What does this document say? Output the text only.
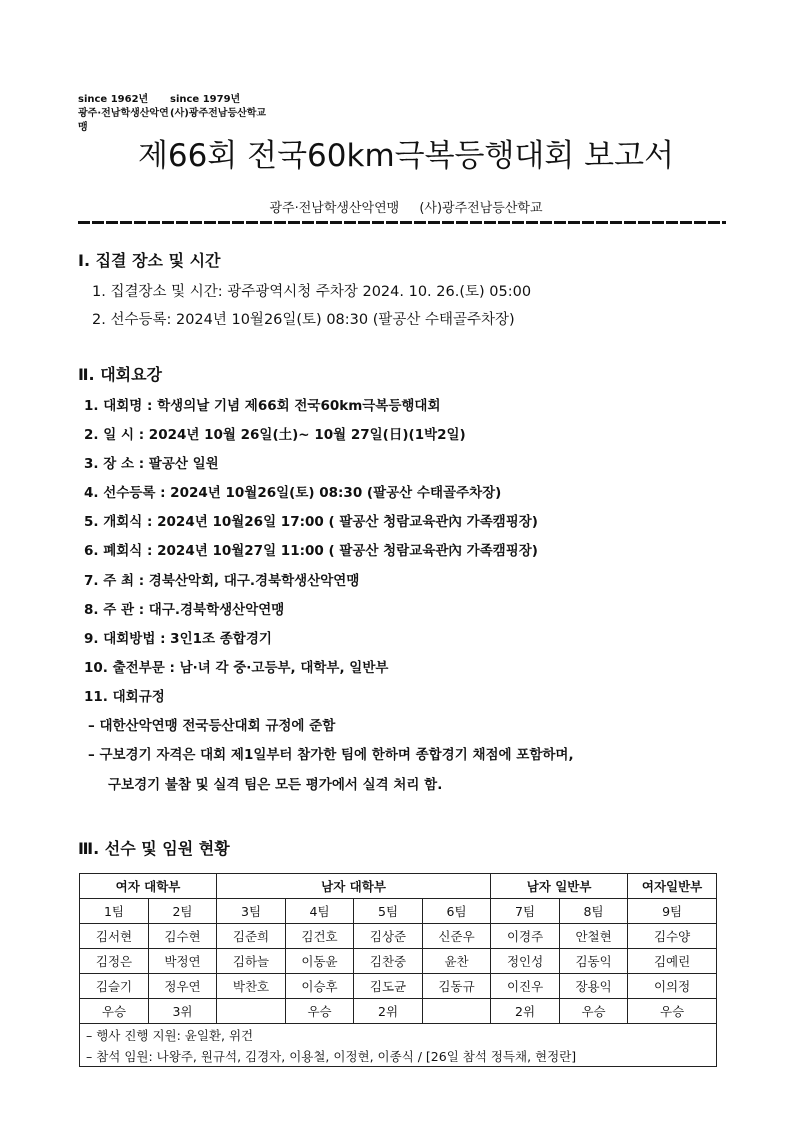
since 1962년	since 1979년
광주·전남학생산악연맹
(사)광주전남등산학교
제66회 전국60km극복등행대회 보고서
광주·전남학생산악연맹 (사)광주전남등산학교
Ⅰ. 집결 장소 및 시간
1. 집결장소 및 시간: 광주광역시청 주차장 2024. 10. 26.(토) 05:00
2. 선수등록: 2024년 10월26일(토) 08:30 (팔공산 수태골주차장)
Ⅱ. 대회요강
1. 대회명 : 학생의날 기념 제66회 전국60km극복등행대회
2. 일 시 : 2024년 10월 26일(土)~ 10월 27일(日)(1박2일)
3. 장 소 : 팔공산 일원
4. 선수등록 : 2024년 10월26일(토) 08:30 (팔공산 수태골주차장)
5. 개회식 : 2024년 10월26일 17:00 ( 팔공산 청람교육관內 가족캠핑장)
6. 폐회식 : 2024년 10월27일 11:00 ( 팔공산 청람교육관內 가족캠핑장)
7. 주 최 : 경북산악회, 대구.경북학생산악연맹
8. 주 관 : 대구.경북학생산악연맹
9. 대회방법 : 3인1조 종합경기
10. 출전부문 : 남·녀 각 중·고등부, 대학부, 일반부
11. 대회규정
– 대한산악연맹 전국등산대회 규정에 준함
– 구보경기 자격은 대회 제1일부터 참가한 팀에 한하며 종합경기 채점에 포함하며,
구보경기 불참 및 실격 팀은 모든 평가에서 실격 처리 함.
Ⅲ. 선수 및 임원 현황
여자 대학부		남자 대학부				남자 일반부		여자일반부
1팀	2팀	3팀	4팀	5팀	6팀	7팀	8팀	9팀
김서현	김수현	김준희	김건호	김상준	신준우	이경주	안철현	김수양
김정은	박정연	김하늘	이동윤	김찬중	윤찬	정인성	김동익	김예린
김슬기	정우연	박찬호	이승후	김도균	김동규	이진우	장용익	이의정
우승	3위		우승	2위		2위	우승	우승
– 행사 진행 지원: 윤일환, 위건								
– 참석 임원: 나왕주, 원규석, 김경자, 이용철, 이정현, 이종식 / [26일 참석 정득채, 현정란]								
